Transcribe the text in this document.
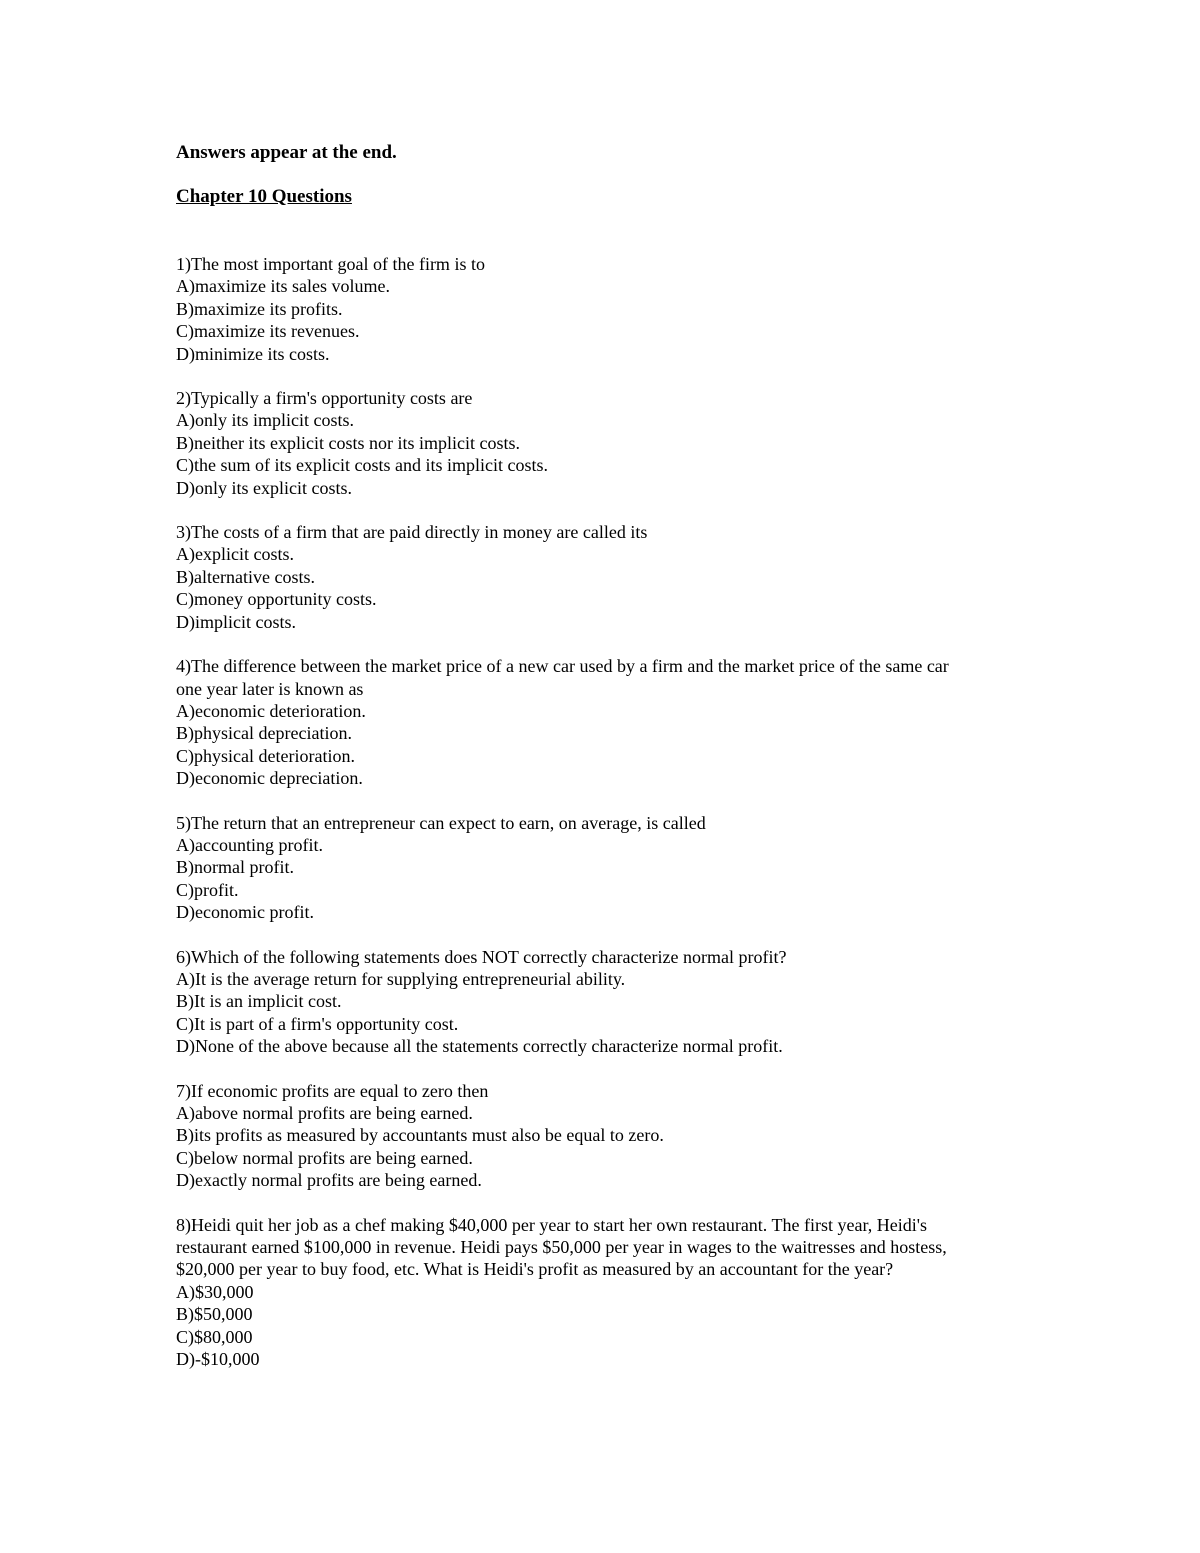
Answers appear at the end.

Chapter 10 Questions

1)The most important goal of the firm is to

A)maximize its sales volume.

B)maximize its profits.

C)maximize its revenues.

D)minimize its costs.

2)Typically a firm's opportunity costs are

A)only its implicit costs.

B)neither its explicit costs nor its implicit costs.

C)the sum of its explicit costs and its implicit costs.

D)only its explicit costs.

3)The costs of a firm that are paid directly in money are called its

A)explicit costs.

B)alternative costs.

C)money opportunity costs.

D)implicit costs.

4)The difference between the market price of a new car used by a firm and the market price of the same car

one year later is known as

A)economic deterioration.

B)physical depreciation.

C)physical deterioration.

D)economic depreciation.

5)The return that an entrepreneur can expect to earn, on average, is called

A)accounting profit.

B)normal profit.

C)profit.

D)economic profit.

6)Which of the following statements does NOT correctly characterize normal profit?

A)It is the average return for supplying entrepreneurial ability.

B)It is an implicit cost.

C)It is part of a firm's opportunity cost.

D)None of the above because all the statements correctly characterize normal profit.

7)If economic profits are equal to zero then

A)above normal profits are being earned.

B)its profits as measured by accountants must also be equal to zero.

C)below normal profits are being earned.

D)exactly normal profits are being earned.

8)Heidi quit her job as a chef making $40,000 per year to start her own restaurant. The first year, Heidi's

restaurant earned $100,000 in revenue. Heidi pays $50,000 per year in wages to the waitresses and hostess,

$20,000 per year to buy food, etc. What is Heidi's profit as measured by an accountant for the year?

A)$30,000

B)$50,000

C)$80,000

D)-$10,000
